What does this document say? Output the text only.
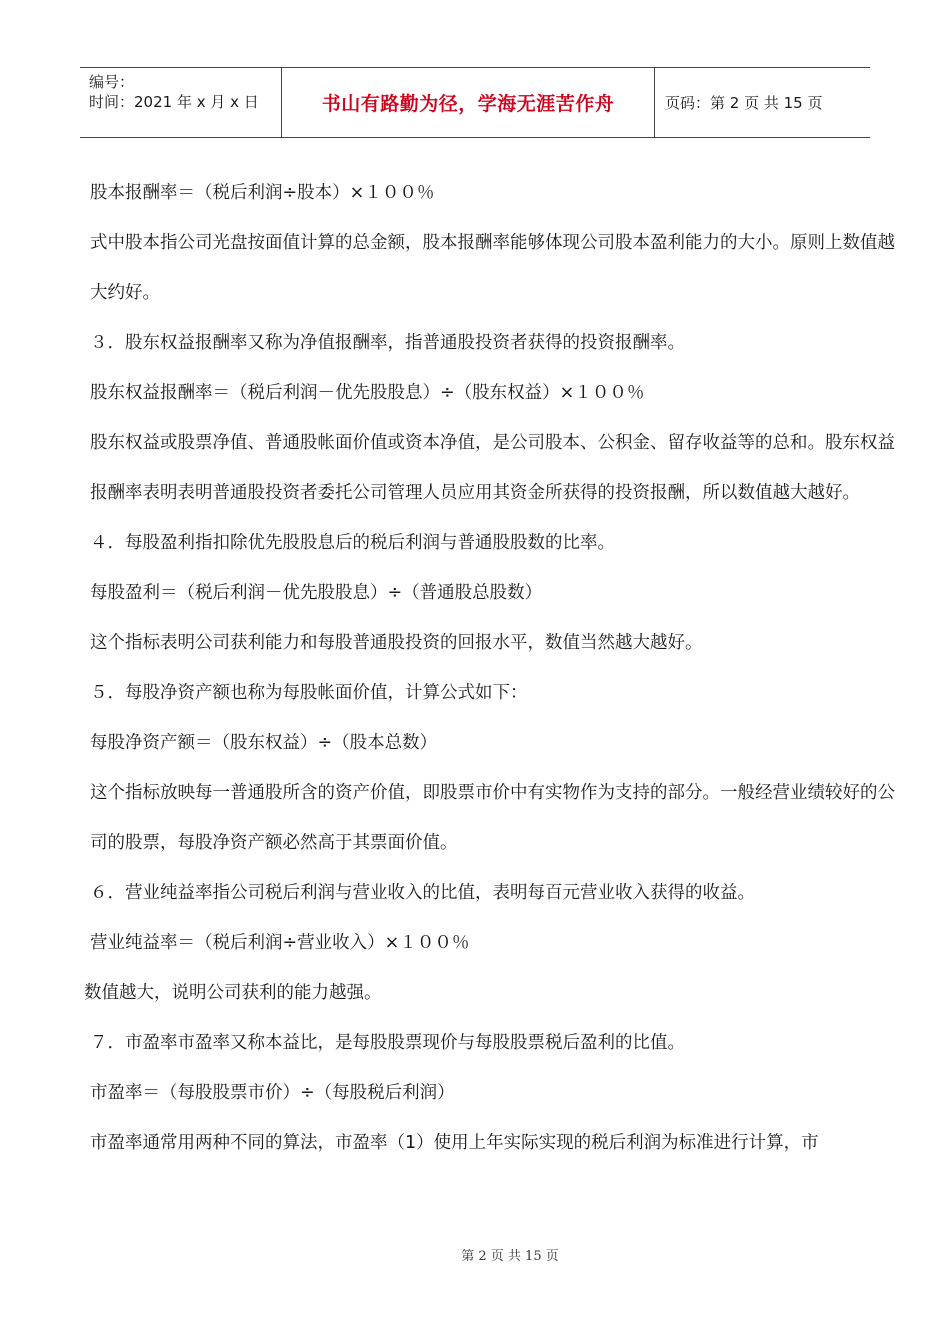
编号：
时间：2021 年 x 月 x 日	书山有路勤为径，学海无涯苦作舟	页码：第 2 页 共 15 页

股本报酬率＝（税后利润÷股本）×１００％

式中股本指公司光盘按面值计算的总金额，股本报酬率能够体现公司股本盈利能力的大小。原则上数值越大约好。

３．股东权益报酬率又称为净值报酬率，指普通股投资者获得的投资报酬率。

股东权益报酬率＝（税后利润－优先股股息）÷（股东权益）×１００％

股东权益或股票净值、普通股帐面价值或资本净值，是公司股本、公积金、留存收益等的总和。股东权益报酬率表明表明普通股投资者委托公司管理人员应用其资金所获得的投资报酬，所以数值越大越好。

４．每股盈利指扣除优先股股息后的税后利润与普通股股数的比率。

每股盈利＝（税后利润－优先股股息）÷（普通股总股数）

这个指标表明公司获利能力和每股普通股投资的回报水平，数值当然越大越好。

５．每股净资产额也称为每股帐面价值，计算公式如下：

每股净资产额＝（股东权益）÷（股本总数）

这个指标放映每一普通股所含的资产价值，即股票市价中有实物作为支持的部分。一般经营业绩较好的公司的股票，每股净资产额必然高于其票面价值。

６．营业纯益率指公司税后利润与营业收入的比值，表明每百元营业收入获得的收益。

营业纯益率＝（税后利润÷营业收入）×１００％

数值越大，说明公司获利的能力越强。

７．市盈率市盈率又称本益比，是每股股票现价与每股股票税后盈利的比值。

市盈率＝（每股股票市价）÷（每股税后利润）

市盈率通常用两种不同的算法，市盈率（1）使用上年实际实现的税后利润为标准进行计算，市

第 2 页 共 15 页
